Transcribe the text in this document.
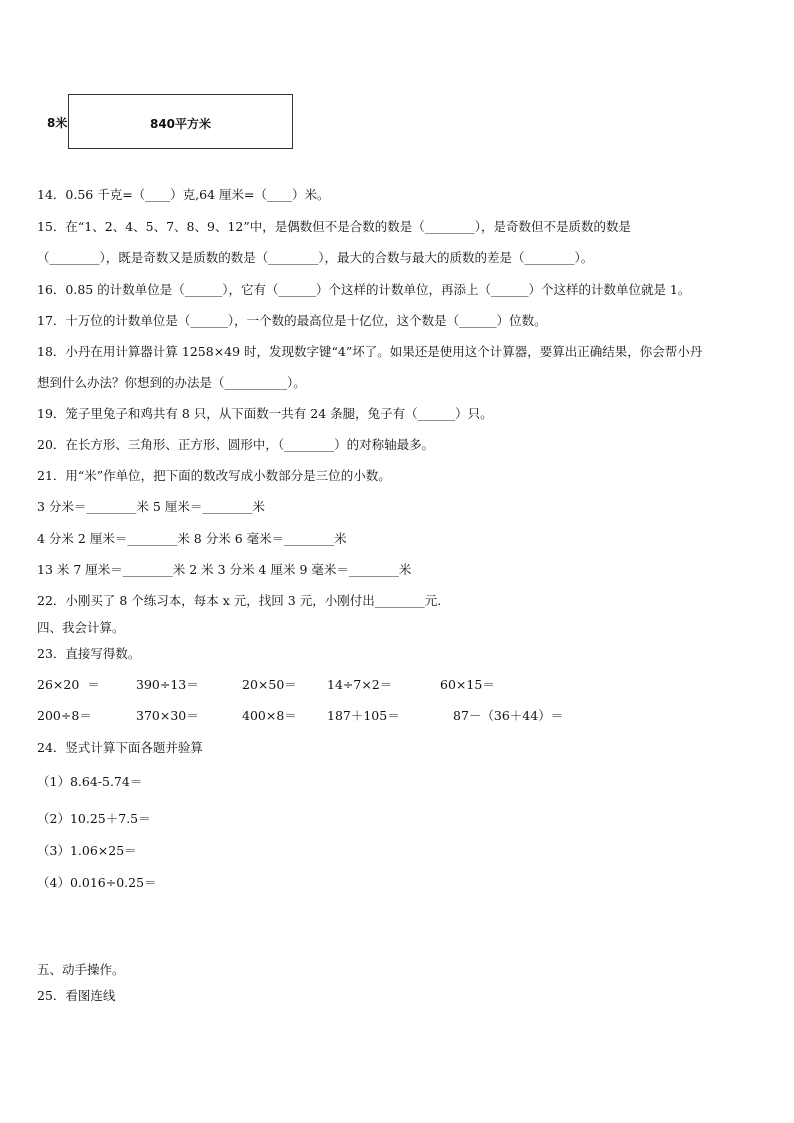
8米	840平方米
14．0.56 千克=（____）克,64 厘米=（____）米。
15．在“1、2、4、5、7、8、9、12”中，是偶数但不是合数的数是（________），是奇数但不是质数的数是
（________），既是奇数又是质数的数是（________），最大的合数与最大的质数的差是（________）。
16．0.85 的计数单位是（______），它有（______）个这样的计数单位，再添上（______）个这样的计数单位就是 1。
17．十万位的计数单位是（______），一个数的最高位是十亿位，这个数是（______）位数。
18．小丹在用计算器计算 1258×49 时，发现数字键“4”坏了。如果还是使用这个计算器，要算出正确结果，你会帮小丹
想到什么办法？你想到的办法是（__________）。
19．笼子里兔子和鸡共有 8 只，从下面数一共有 24 条腿，兔子有（______）只。
20．在长方形、三角形、正方形、圆形中，（________）的对称轴最多。
21．用“米”作单位，把下面的数改写成小数部分是三位的小数。
3 分米＝________米 5 厘米＝________米
4 分米 2 厘米＝________米 8 分米 6 毫米＝________米
13 米 7 厘米＝________米 2 米 3 分米 4 厘米 9 毫米＝________米
22．小刚买了 8 个练习本，每本 x 元，找回 3 元，小刚付出________元.
四、我会计算。
23．直接写得数。
26×20  ＝	390÷13＝	20×50＝ 14÷7×2＝	60×15＝
200÷8＝	370×30＝	400×8＝ 187＋105＝	87－（36＋44）＝
24．竖式计算下面各题并验算
（1）8.64-5.74＝
（2）10.25＋7.5＝
（3）1.06×25＝
（4）0.016÷0.25＝
五、动手操作。
25．看图连线
